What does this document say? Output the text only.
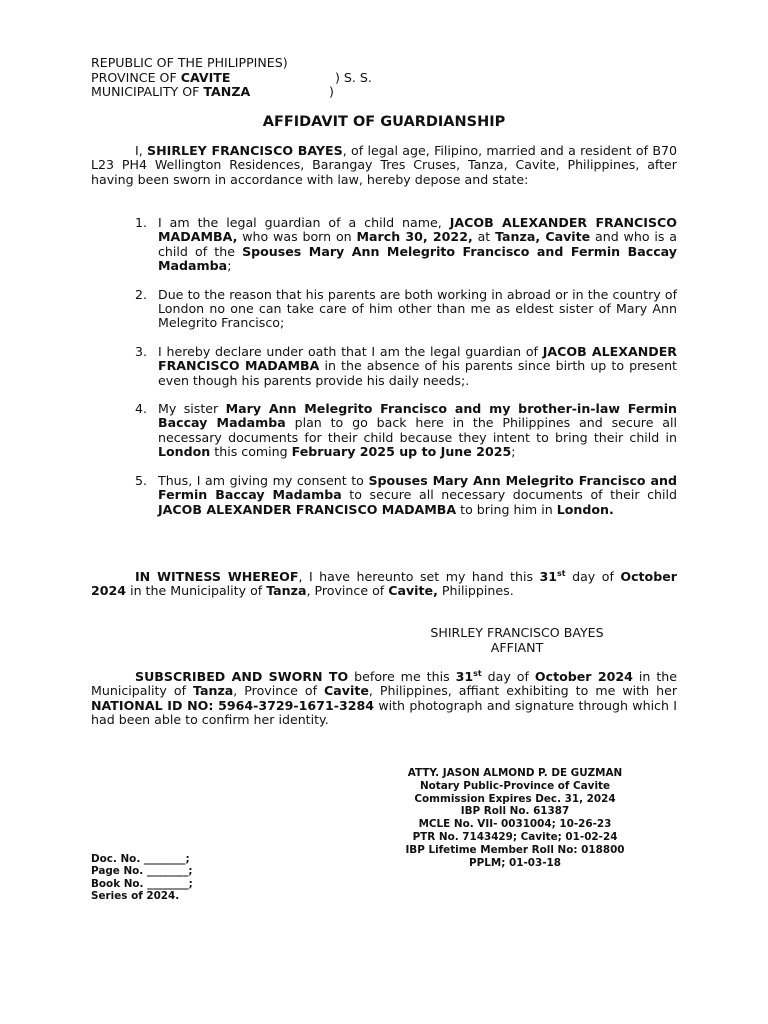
REPUBLIC OF THE PHILIPPINES)
PROVINCE OF CAVITE	) S. S.
MUNICIPALITY OF TANZA	)
AFFIDAVIT OF GUARDIANSHIP
I, SHIRLEY FRANCISCO BAYES, of legal age, Filipino, married and a resident of B70 L23 PH4 Wellington Residences, Barangay Tres Cruses, Tanza, Cavite, Philippines, after having been sworn in accordance with law, hereby depose and state:
1. I am the legal guardian of a child name, JACOB ALEXANDER FRANCISCO MADAMBA, who was born on March 30, 2022, at Tanza, Cavite and who is a child of the Spouses Mary Ann Melegrito Francisco and Fermin Baccay Madamba;
2. Due to the reason that his parents are both working in abroad or in the country of London no one can take care of him other than me as eldest sister of Mary Ann Melegrito Francisco;
3. I hereby declare under oath that I am the legal guardian of JACOB ALEXANDER FRANCISCO MADAMBA in the absence of his parents since birth up to present even though his parents provide his daily needs;.
4. My sister Mary Ann Melegrito Francisco and my brother-in-law Fermin Baccay Madamba plan to go back here in the Philippines and secure all necessary documents for their child because they intent to bring their child in London this coming February 2025 up to June 2025;
5. Thus, I am giving my consent to Spouses Mary Ann Melegrito Francisco and Fermin Baccay Madamba to secure all necessary documents of their child JACOB ALEXANDER FRANCISCO MADAMBA to bring him in London.
IN WITNESS WHEREOF, I have hereunto set my hand this 31st day of October 2024 in the Municipality of Tanza, Province of Cavite, Philippines.
SHIRLEY FRANCISCO BAYES
AFFIANT
SUBSCRIBED AND SWORN TO before me this 31st day of October 2024 in the Municipality of Tanza, Province of Cavite, Philippines, affiant exhibiting to me with her NATIONAL ID NO: 5964-3729-1671-3284 with photograph and signature through which I had been able to confirm her identity.
ATTY. JASON ALMOND P. DE GUZMAN
Notary Public-Province of Cavite
Commission Expires Dec. 31, 2024
IBP Roll No. 61387
MCLE No. VII- 0031004; 10-26-23
PTR No. 7143429; Cavite; 01-02-24
IBP Lifetime Member Roll No: 018800
PPLM; 01-03-18
Doc. No. ________;
Page No. ________;
Book No. ________;
Series of 2024.
